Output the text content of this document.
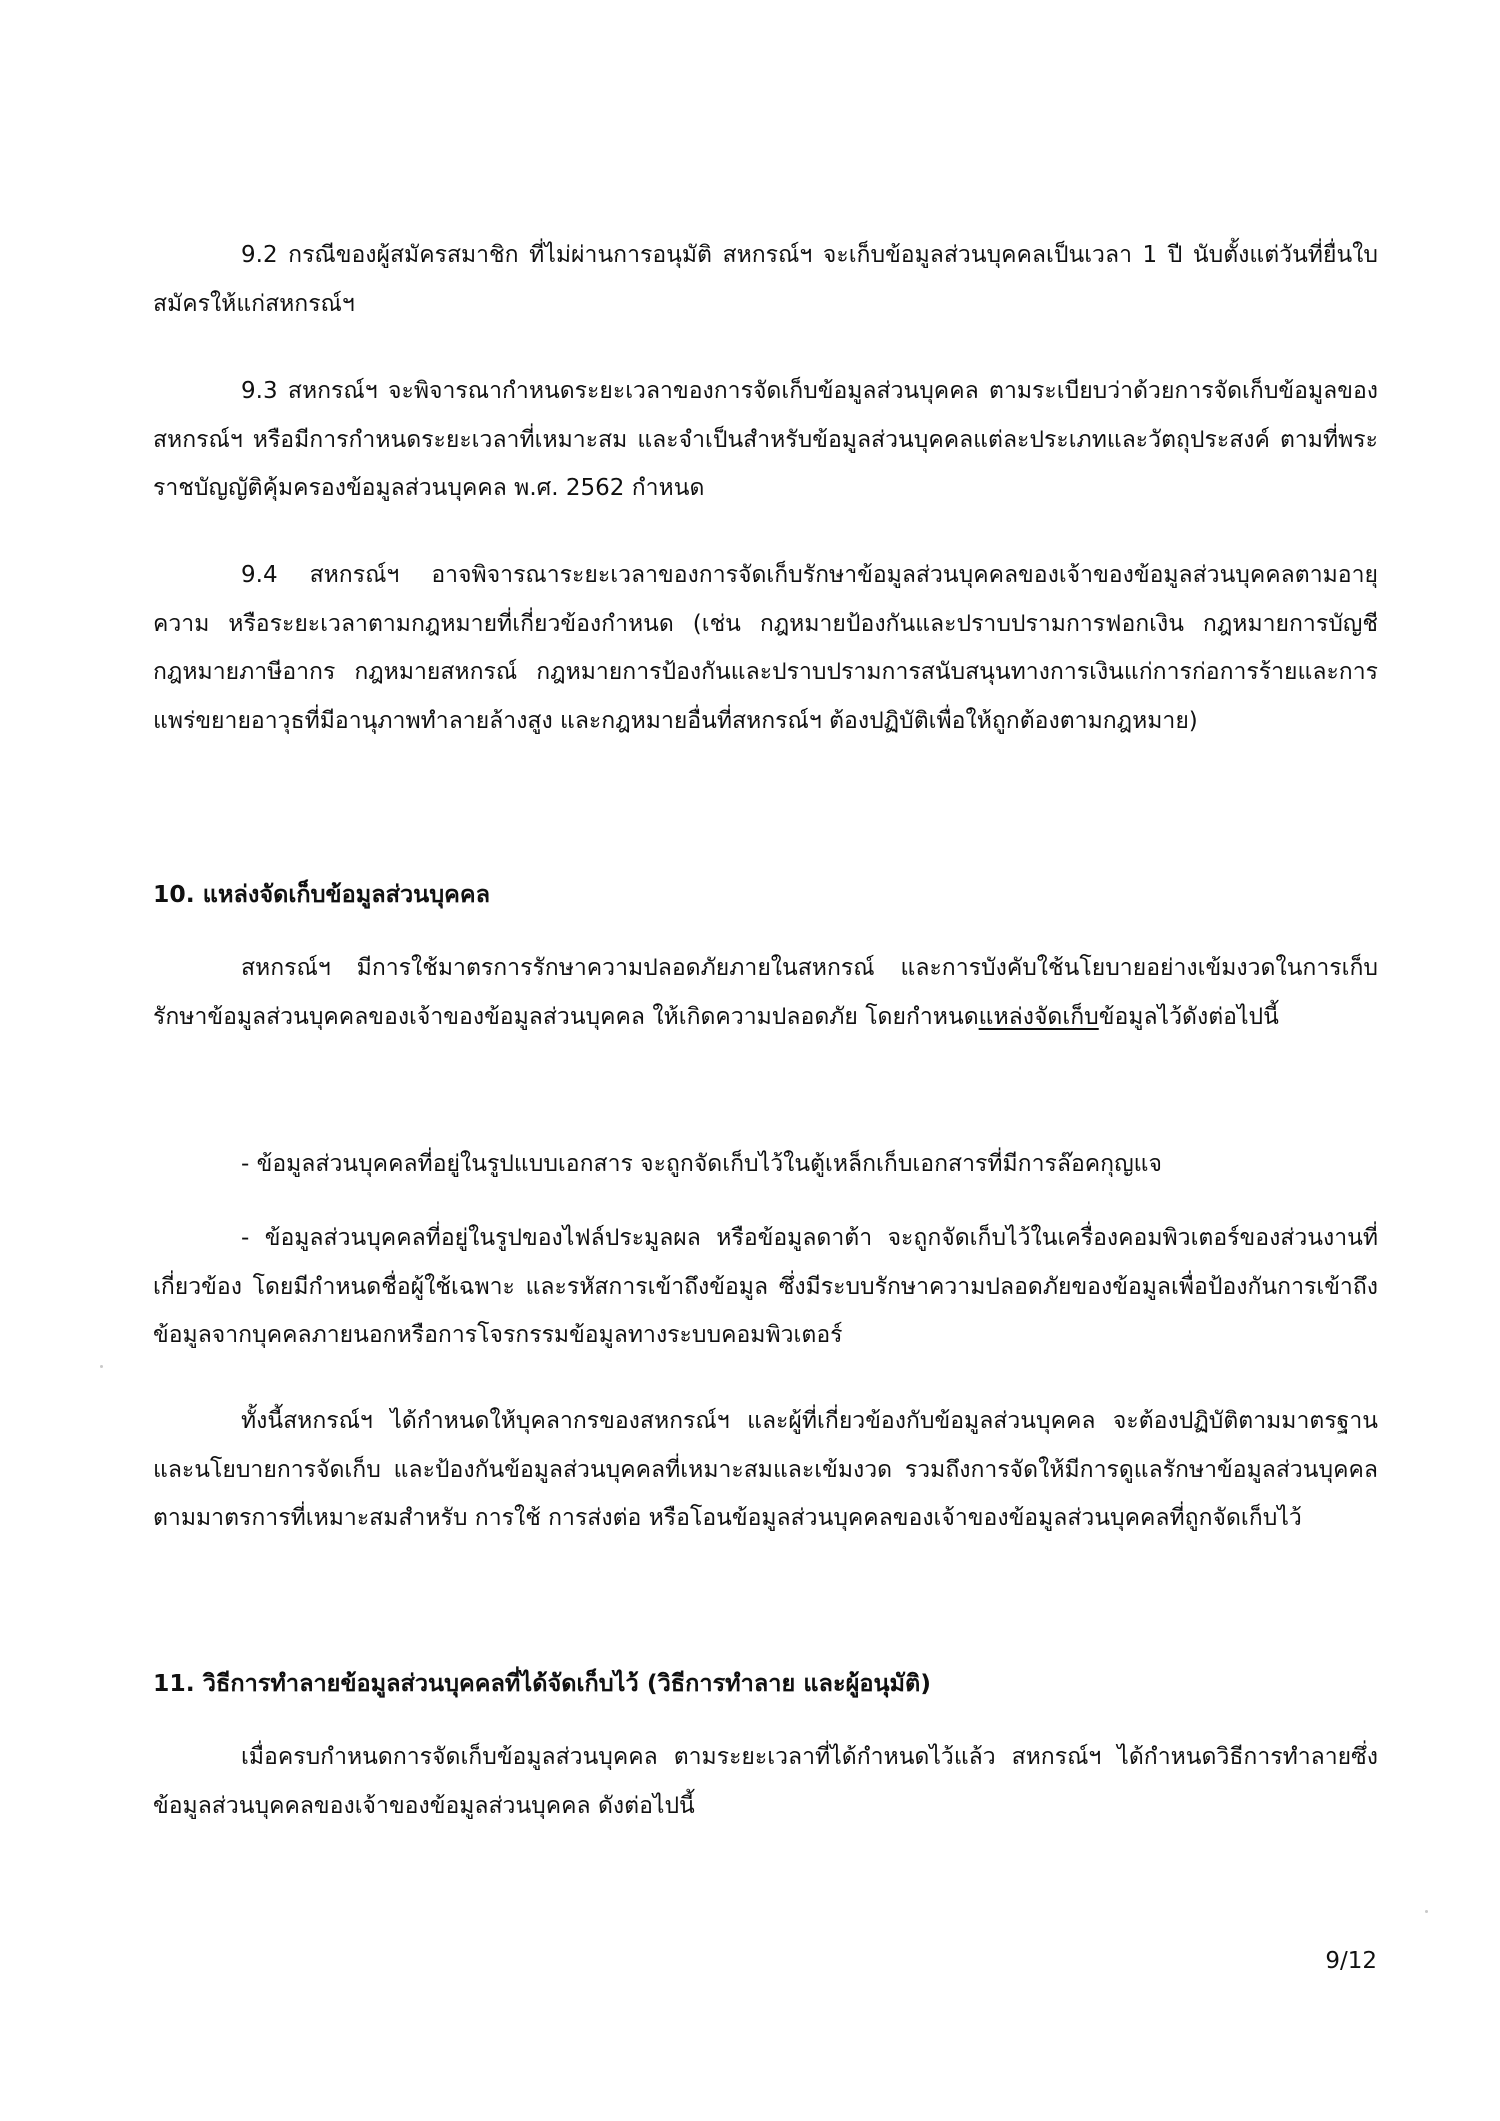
9.2 กรณีของผู้สมัครสมาชิก ที่ไม่ผ่านการอนุมัติ สหกรณ์ฯ จะเก็บข้อมูลส่วนบุคคลเป็นเวลา 1 ปี นับตั้งแต่วันที่ยื่นใบสมัครให้แก่สหกรณ์ฯ

9.3 สหกรณ์ฯ จะพิจารณากำหนดระยะเวลาของการจัดเก็บข้อมูลส่วนบุคคล ตามระเบียบว่าด้วยการจัดเก็บข้อมูลของสหกรณ์ฯ หรือมีการกำหนดระยะเวลาที่เหมาะสม และจำเป็นสำหรับข้อมูลส่วนบุคคลแต่ละประเภทและวัตถุประสงค์ ตามที่พระราชบัญญัติคุ้มครองข้อมูลส่วนบุคคล พ.ศ. 2562 กำหนด

9.4 สหกรณ์ฯ อาจพิจารณาระยะเวลาของการจัดเก็บรักษาข้อมูลส่วนบุคคลของเจ้าของข้อมูลส่วนบุคคลตามอายุความ หรือระยะเวลาตามกฎหมายที่เกี่ยวข้องกำหนด (เช่น กฎหมายป้องกันและปราบปรามการฟอกเงิน กฎหมายการบัญชี กฎหมายภาษีอากร กฎหมายสหกรณ์ กฎหมายการป้องกันและปราบปรามการสนับสนุนทางการเงินแก่การก่อการร้ายและการแพร่ขยายอาวุธที่มีอานุภาพทำลายล้างสูง และกฎหมายอื่นที่สหกรณ์ฯ ต้องปฏิบัติเพื่อให้ถูกต้องตามกฎหมาย)

10. แหล่งจัดเก็บข้อมูลส่วนบุคคล

สหกรณ์ฯ มีการใช้มาตรการรักษาความปลอดภัยภายในสหกรณ์ และการบังคับใช้นโยบายอย่างเข้มงวดในการเก็บรักษาข้อมูลส่วนบุคคลของเจ้าของข้อมูลส่วนบุคคล ให้เกิดความปลอดภัย โดยกำหนดแหล่งจัดเก็บข้อมูลไว้ดังต่อไปนี้

- ข้อมูลส่วนบุคคลที่อยู่ในรูปแบบเอกสาร จะถูกจัดเก็บไว้ในตู้เหล็กเก็บเอกสารที่มีการล๊อคกุญแจ

- ข้อมูลส่วนบุคคลที่อยู่ในรูปของไฟล์ประมูลผล หรือข้อมูลดาต้า จะถูกจัดเก็บไว้ในเครื่องคอมพิวเตอร์ของส่วนงานที่เกี่ยวข้อง โดยมีกำหนดชื่อผู้ใช้เฉพาะ และรหัสการเข้าถึงข้อมูล ซึ่งมีระบบรักษาความปลอดภัยของข้อมูลเพื่อป้องกันการเข้าถึงข้อมูลจากบุคคลภายนอกหรือการโจรกรรมข้อมูลทางระบบคอมพิวเตอร์

ทั้งนี้สหกรณ์ฯ ได้กำหนดให้บุคลากรของสหกรณ์ฯ และผู้ที่เกี่ยวข้องกับข้อมูลส่วนบุคคล จะต้องปฏิบัติตามมาตรฐานและนโยบายการจัดเก็บ และป้องกันข้อมูลส่วนบุคคลที่เหมาะสมและเข้มงวด รวมถึงการจัดให้มีการดูแลรักษาข้อมูลส่วนบุคคลตามมาตรการที่เหมาะสมสำหรับ การใช้ การส่งต่อ หรือโอนข้อมูลส่วนบุคคลของเจ้าของข้อมูลส่วนบุคคลที่ถูกจัดเก็บไว้

11. วิธีการทำลายข้อมูลส่วนบุคคลที่ได้จัดเก็บไว้ (วิธีการทำลาย และผู้อนุมัติ)

เมื่อครบกำหนดการจัดเก็บข้อมูลส่วนบุคคล ตามระยะเวลาที่ได้กำหนดไว้แล้ว สหกรณ์ฯ ได้กำหนดวิธีการทำลายซึ่งข้อมูลส่วนบุคคลของเจ้าของข้อมูลส่วนบุคคล ดังต่อไปนี้

9/12
